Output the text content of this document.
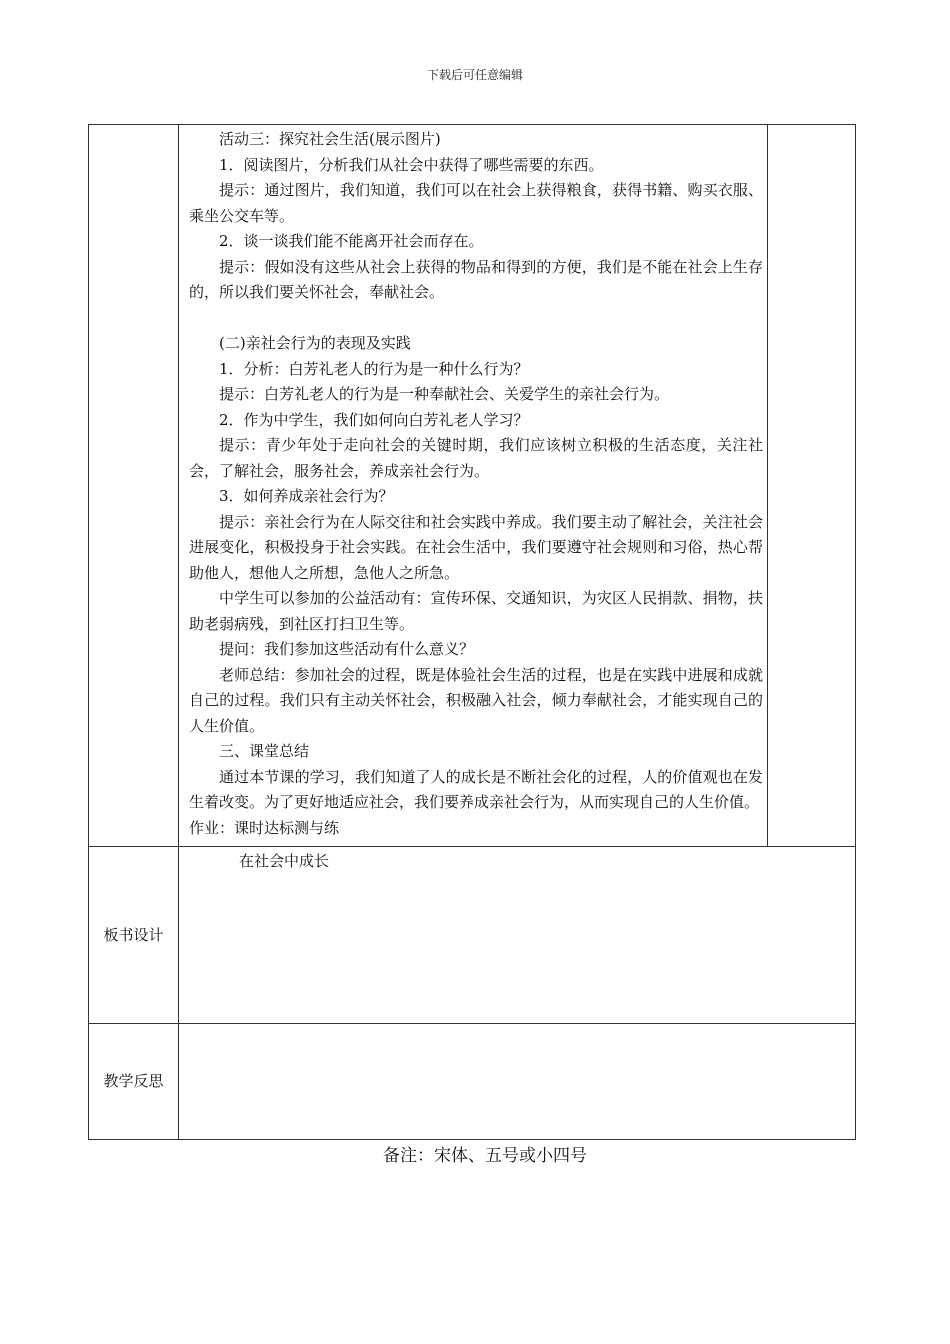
下载后可任意编辑

活动三：探究社会生活(展示图片)

1．阅读图片，分析我们从社会中获得了哪些需要的东西。

提示：通过图片，我们知道，我们可以在社会上获得粮食，获得书籍、购买衣服、乘坐公交车等。

2．谈一谈我们能不能离开社会而存在。

提示：假如没有这些从社会上获得的物品和得到的方便，我们是不能在社会上生存的，所以我们要关怀社会，奉献社会。

(二)亲社会行为的表现及实践

1．分析：白芳礼老人的行为是一种什么行为？

提示：白芳礼老人的行为是一种奉献社会、关爱学生的亲社会行为。

2．作为中学生，我们如何向白芳礼老人学习？

提示：青少年处于走向社会的关键时期，我们应该树立积极的生活态度，关注社会，了解社会，服务社会，养成亲社会行为。

3．如何养成亲社会行为？

提示：亲社会行为在人际交往和社会实践中养成。我们要主动了解社会，关注社会进展变化，积极投身于社会实践。在社会生活中，我们要遵守社会规则和习俗，热心帮助他人，想他人之所想，急他人之所急。

中学生可以参加的公益活动有：宣传环保、交通知识，为灾区人民捐款、捐物，扶助老弱病残，到社区打扫卫生等。

提问：我们参加这些活动有什么意义？

老师总结：参加社会的过程，既是体验社会生活的过程，也是在实践中进展和成就自己的过程。我们只有主动关怀社会，积极融入社会，倾力奉献社会，才能实现自己的人生价值。

三、课堂总结

通过本节课的学习，我们知道了人的成长是不断社会化的过程，人的价值观也在发生着改变。为了更好地适应社会，我们要养成亲社会行为，从而实现自己的人生价值。

作业：课时达标测与练

板书设计
在社会中成长
教学反思
备注：宋体、五号或小四号
